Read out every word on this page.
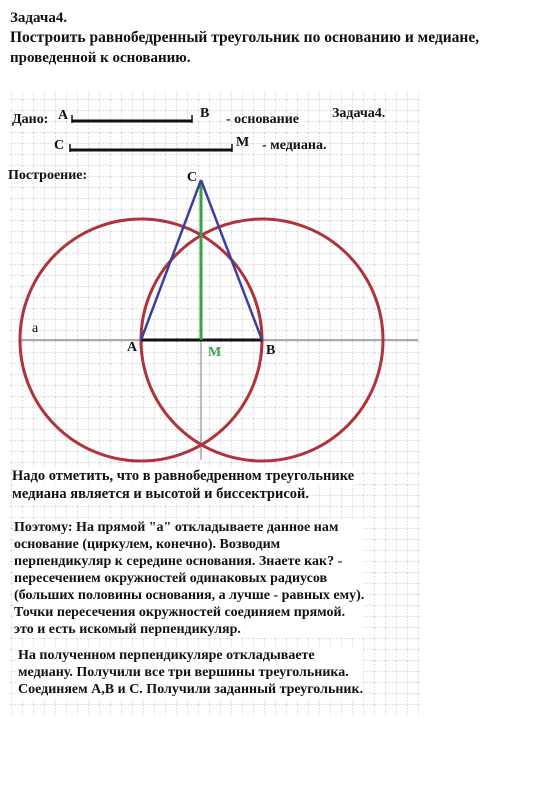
Задача4.
Построить равнобедренный треугольник по основанию и медиане,
проведенной к основанию.
Дано: А	В - основание Задача4.
С	М - медиана.
Построение:	С
А	В
М
а
Надо отметить, что в равнобедренном треугольнике
медиана является и высотой и биссектрисой.
Поэтому: На прямой "а" откладываете данное нам
основание (циркулем, конечно). Возводим
перпендикуляр к середине основания. Знаете как? -
пересечением окружностей одинаковых радиусов
(больших половины основания, а лучше - равных ему).
Точки пересечения окружностей соединяем прямой.
это и есть искомый перпендикуляр.
На полученном перпендикуляре откладываете
медиану. Получили все три вершины треугольника.
Соединяем А,В и С. Получили заданный треугольник.
